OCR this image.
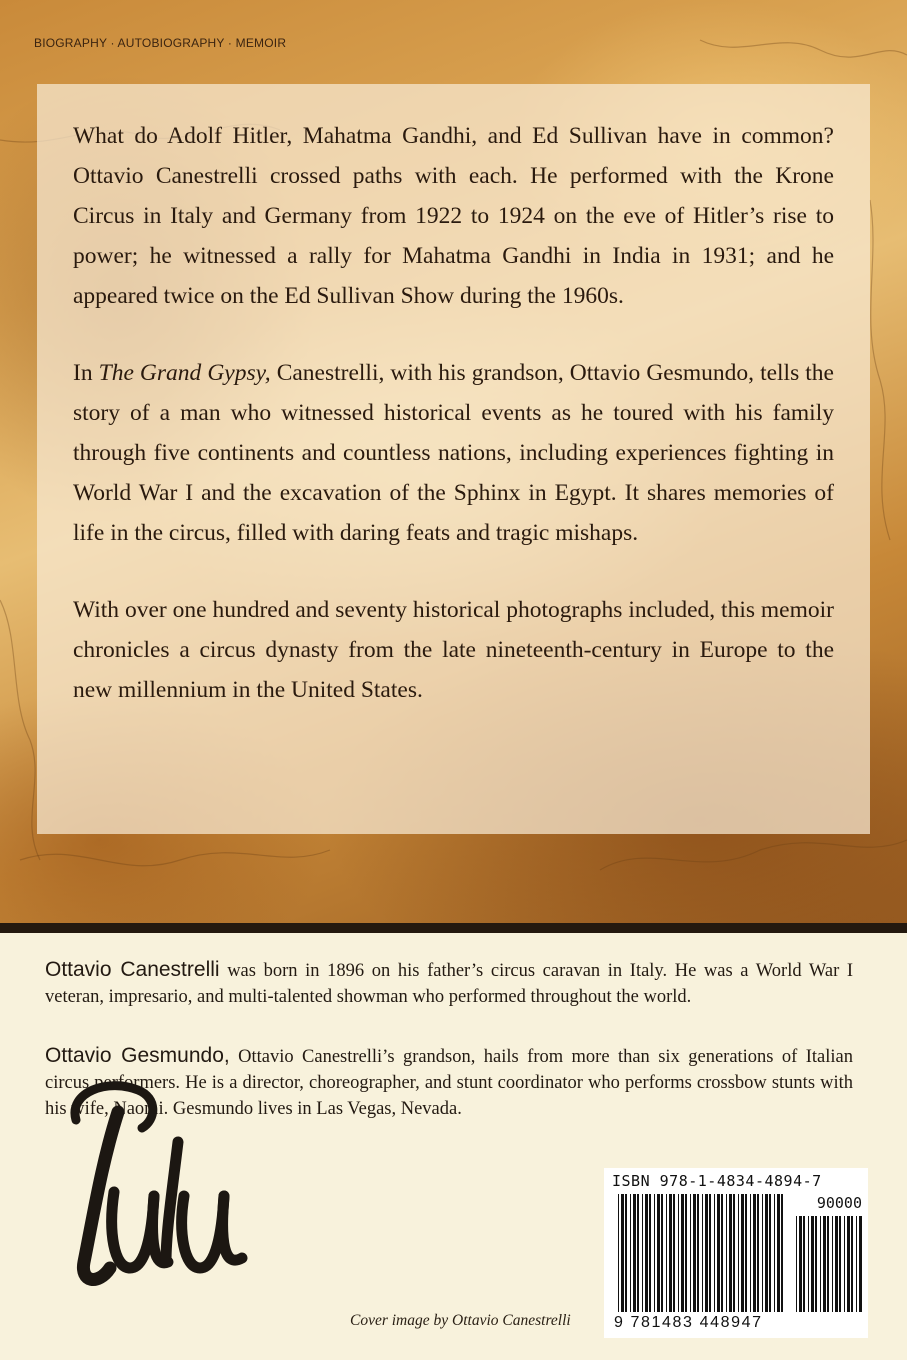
BIOGRAPHY · AUTOBIOGRAPHY · MEMOIR

What do Adolf Hitler, Mahatma Gandhi, and Ed Sullivan have in common? Ottavio Canestrelli crossed paths with each. He performed with the Krone Circus in Italy and Germany from 1922 to 1924 on the eve of Hitler’s rise to power; he witnessed a rally for Mahatma Gandhi in India in 1931; and he appeared twice on the Ed Sullivan Show during the 1960s.

In The Grand Gypsy, Canestrelli, with his grandson, Ottavio Gesmundo, tells the story of a man who witnessed historical events as he toured with his family through five continents and countless nations, including experiences fighting in World War I and the excavation of the Sphinx in Egypt. It shares memories of life in the circus, filled with daring feats and tragic mishaps.

With over one hundred and seventy historical photographs included, this memoir chronicles a circus dynasty from the late nineteenth-century in Europe to the new millennium in the United States.

Ottavio Canestrelli was born in 1896 on his father’s circus caravan in Italy. He was a World War I veteran, impresario, and multi-talented showman who performed throughout the world.
Ottavio Gesmundo, Ottavio Canestrelli’s grandson, hails from more than six generations of Italian circus performers. He is a director, choreographer, and stunt coordinator who performs crossbow stunts with his wife, Naomi. Gesmundo lives in Las Vegas, Nevada.
Cover image by Ottavio Canestrelli
ISBN 978-1-4834-4894-7
90000
9 781483 448947
